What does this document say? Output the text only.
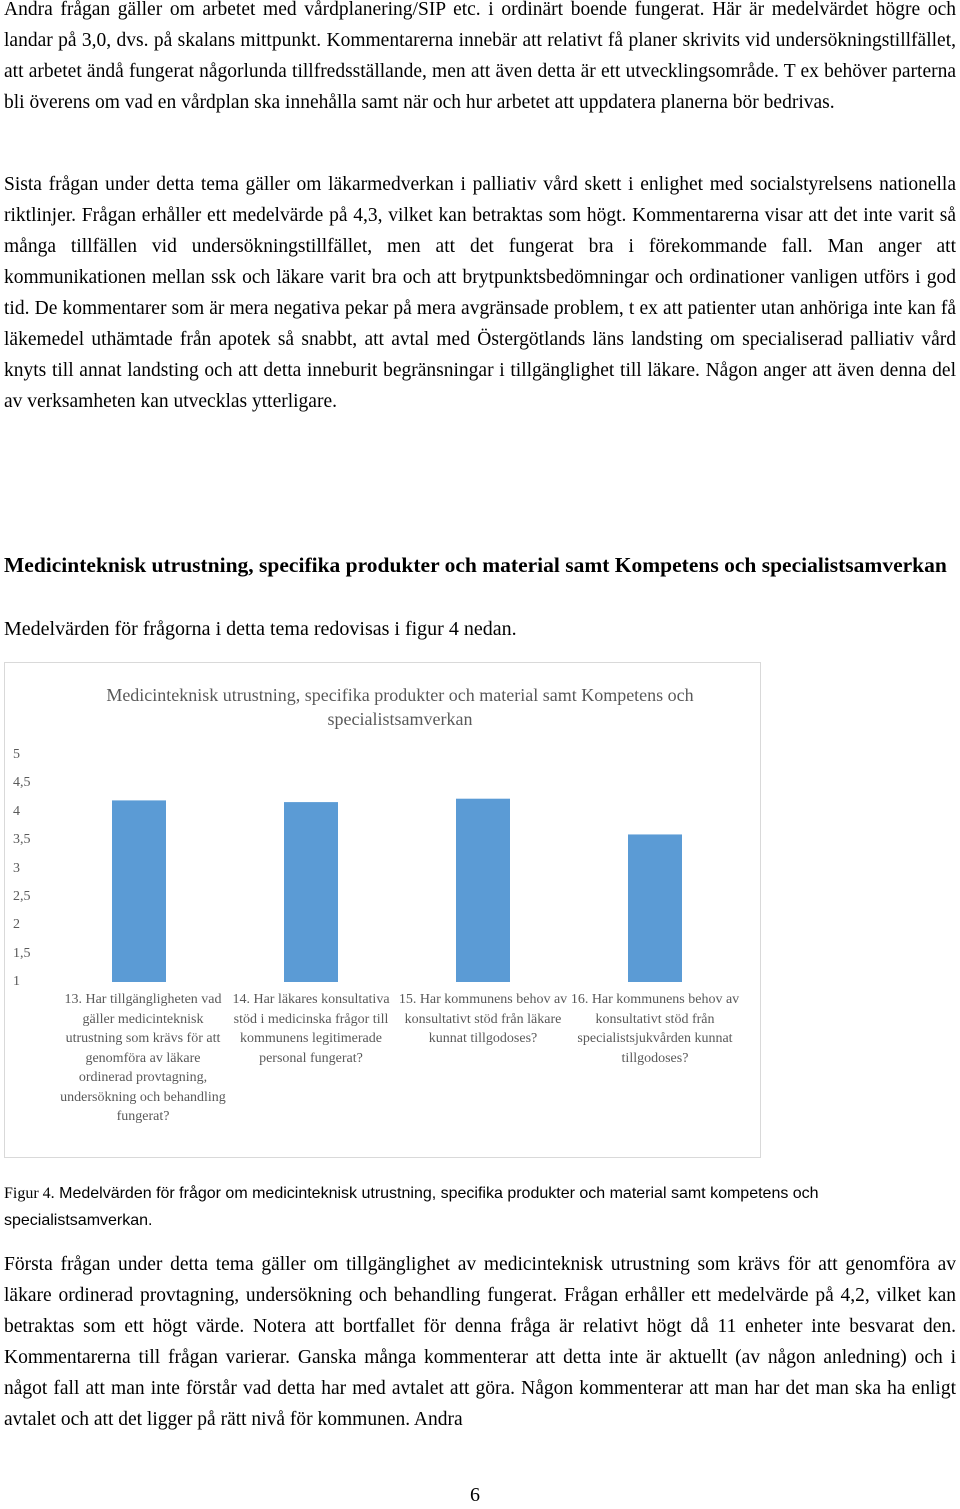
Andra frågan gäller om arbetet med vårdplanering/SIP etc. i ordinärt boende fungerat. Här är medelvärdet högre och landar på 3,0, dvs. på skalans mittpunkt. Kommentarerna innebär att relativt få planer skrivits vid undersökningstillfället, att arbetet ändå fungerat någorlunda tillfredsställande, men att även detta är ett utvecklingsområde. T ex behöver parterna bli överens om vad en vårdplan ska innehålla samt när och hur arbetet att uppdatera planerna bör bedrivas.

Sista frågan under detta tema gäller om läkarmedverkan i palliativ vård skett i enlighet med socialstyrelsens nationella riktlinjer. Frågan erhåller ett medelvärde på 4,3, vilket kan betraktas som högt. Kommentarerna visar att det inte varit så många tillfällen vid undersökningstillfället, men att det fungerat bra i förekommande fall. Man anger att kommunikationen mellan ssk och läkare varit bra och att brytpunktsbedömningar och ordinationer vanligen utförs i god tid. De kommentarer som är mera negativa pekar på mera avgränsade problem, t ex att patienter utan anhöriga inte kan få läkemedel uthämtade från apotek så snabbt, att avtal med Östergötlands läns landsting om specialiserad palliativ vård knyts till annat landsting och att detta inneburit begränsningar i tillgänglighet till läkare. Någon anger att även denna del av verksamheten kan utvecklas ytterligare.

Medicinteknisk utrustning, specifika produkter och material samt Kompetens och specialistsamverkan

Medelvärden för frågorna i detta tema redovisas i figur 4 nedan.

Medicinteknisk utrustning, specifika produkter och material samt Kompetens och specialistsamverkan

5
4,5
4
3,5
3
2,5
2
1,5
1

13. Har tillgängligheten vad gäller medicinteknisk utrustning som krävs för att genomföra av läkare ordinerad provtagning, undersökning och behandling fungerat?

14. Har läkares konsultativa stöd i medicinska frågor till kommunens legitimerade personal fungerat?

15. Har kommunens behov av konsultativt stöd från läkare kunnat tillgodoses?

16. Har kommunens behov av konsultativt stöd från specialistsjukvården kunnat tillgodoses?

Figur 4. Medelvärden för frågor om medicinteknisk utrustning, specifika produkter och material samt kompetens och specialistsamverkan.

Första frågan under detta tema gäller om tillgänglighet av medicinteknisk utrustning som krävs för att genomföra av läkare ordinerad provtagning, undersökning och behandling fungerat. Frågan erhåller ett medelvärde på 4,2, vilket kan betraktas som ett högt värde. Notera att bortfallet för denna fråga är relativt högt då 11 enheter inte besvarat den. Kommentarerna till frågan varierar. Ganska många kommenterar att detta inte är aktuellt (av någon anledning) och i något fall att man inte förstår vad detta har med avtalet att göra. Någon kommenterar att man har det man ska ha enligt avtalet och att det ligger på rätt nivå för kommunen. Andra

6
